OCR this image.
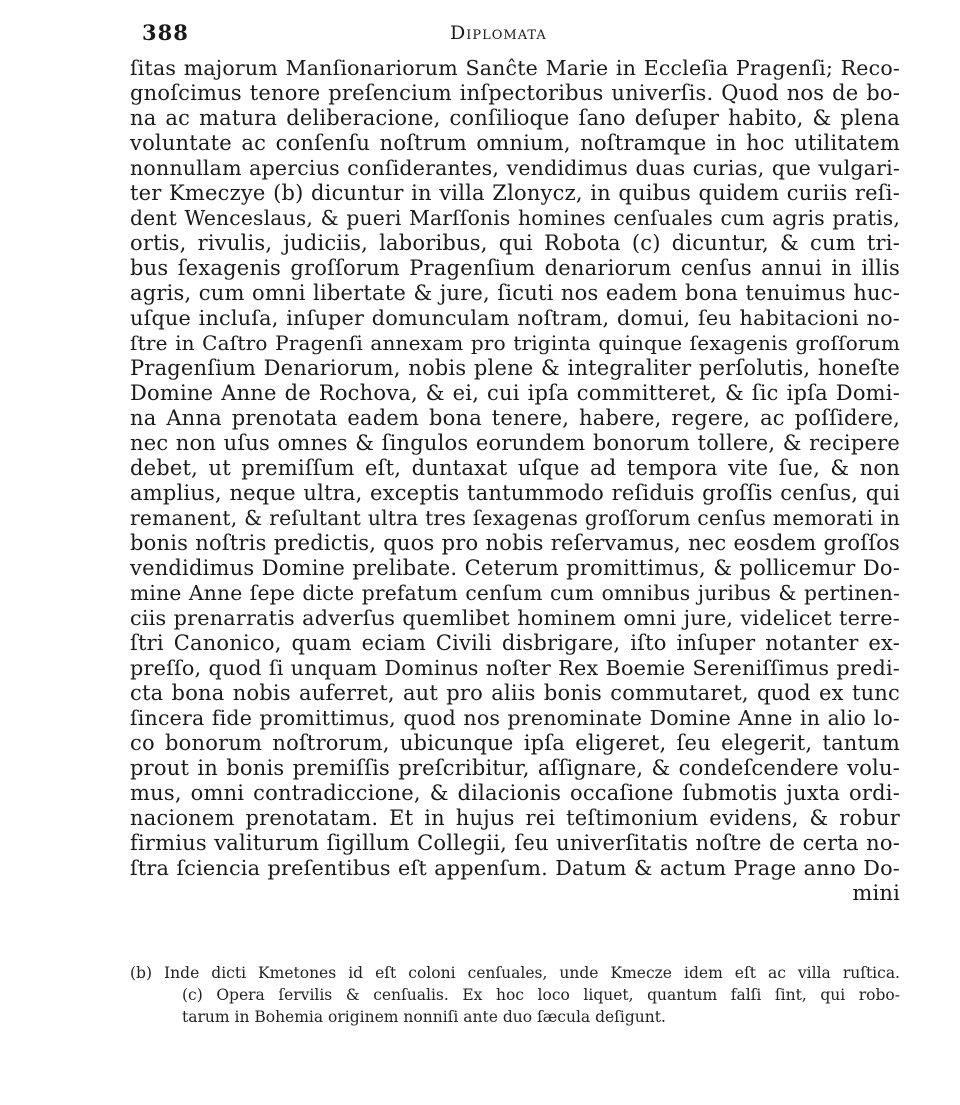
388	Diplomata
ſitas majorum Manſionariorum Sanĉte Marie in Eccleſia Pragenſi; Reco-
gnoſcimus tenore preſencium inſpectoribus univerſis. Quod nos de bo-
na ac matura deliberacione, conſilioque ſano deſuper habito, & plena
voluntate ac conſenſu noſtrum omnium, noſtramque in hoc utilitatem
nonnullam apercius conſiderantes, vendidimus duas curias, que vulgari-
ter Kmeczye (b) dicuntur in villa Zlonycz, in quibus quidem curiis reſi-
dent Wenceslaus, & pueri Marſſonis homines cenſuales cum agris pratis,
ortis, rivulis, judiciis, laboribus, qui Robota (c) dicuntur, & cum tri-
bus ſexagenis groſſorum Pragenſium denariorum cenſus annui in illis
agris, cum omni libertate & jure, ſicuti nos eadem bona tenuimus huc-
uſque incluſa, inſuper domunculam noſtram, domui, ſeu habitacioni no-
ſtre in Caſtro Pragenſi annexam pro triginta quinque ſexagenis groſſorum
Pragenſium Denariorum, nobis plene & integraliter perſolutis, honeſte
Domine Anne de Rochova, & ei, cui ipſa committeret, & ſic ipſa Domi-
na Anna prenotata eadem bona tenere, habere, regere, ac poſſidere,
nec non uſus omnes & ſingulos eorundem bonorum tollere, & recipere
debet, ut premiſſum eſt, duntaxat uſque ad tempora vite ſue, & non
amplius, neque ultra, exceptis tantummodo reſiduis groſſis cenſus, qui
remanent, & reſultant ultra tres ſexagenas groſſorum cenſus memorati in
bonis noſtris predictis, quos pro nobis reſervamus, nec eosdem groſſos
vendidimus Domine prelibate. Ceterum promittimus, & pollicemur Do-
mine Anne ſepe dicte prefatum cenſum cum omnibus juribus & pertinen-
ciis prenarratis adverſus quemlibet hominem omni jure, videlicet terre-
ſtri Canonico, quam eciam Civili disbrigare, iſto inſuper notanter ex-
preſſo, quod ſi unquam Dominus noſter Rex Boemie Sereniſſimus predi-
cta bona nobis auferret, aut pro aliis bonis commutaret, quod ex tunc
ſincera fide promittimus, quod nos prenominate Domine Anne in alio lo-
co bonorum noſtrorum, ubicunque ipſa eligeret, ſeu elegerit, tantum
prout in bonis premiſſis preſcribitur, aſſignare, & condeſcendere volu-
mus, omni contradiccione, & dilacionis occaſione ſubmotis juxta ordi-
nacionem prenotatam. Et in hujus rei teſtimonium evidens, & robur
firmius valiturum ſigillum Collegii, ſeu univerſitatis noſtre de certa no-
ſtra ſciencia preſentibus eſt appenſum. Datum & actum Prage anno Do-
mini
(b) Inde dicti Kmetones id eſt coloni cenſuales, unde Kmecze idem eſt ac villa ruſtica.
(c) Opera ſervilis & cenſualis. Ex hoc loco liquet, quantum falſi ſint, qui robo-
tarum in Bohemia originem nonniſi ante duo ſæcula deſigunt.
